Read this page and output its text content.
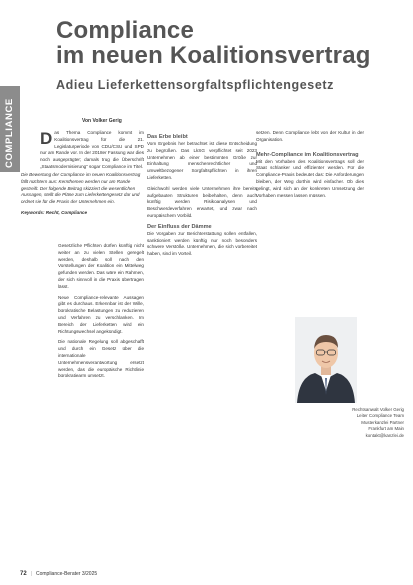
COMPLIANCE
Compliance
im neuen Koalitionsvertrag
Adieu Lieferkettensorgfaltspflichtengesetz
Von Volker Gerig

Das Thema Compliance kommt im Koalitionsvertrag für die 21. Legislaturperiode von CDU/CSU und SPD nur am Rande vor. In der 2018er Fassung war dies noch ausgeprägter; damals trug die Überschrift „Staatsmodernisierung“ sogar Compliance im Titel.

Die Bewertung der Compliance im neuen Koalitionsvertrag fällt nüchtern aus: Kernthemen werden nur am Rande gestreift. Der folgende Beitrag skizziert die wesentlichen Aussagen, stellt die Pläne zum Lieferkettengesetz dar und ordnet sie für die Praxis der Unternehmen ein.

Keywords: Recht, Compliance

Gesetzliche Pflichten dürfen künftig nicht weiter an zu vielen Stellen geregelt werden, deshalb soll nach den Vorstellungen der Koalition ein Mittelweg gefunden werden. Das wäre ein Rahmen, der sich sinnvoll in die Praxis übertragen lässt.

Neue Compliance-relevante Aussagen gibt es durchaus. Erkennbar ist der Wille, bürokratische Belastungen zu reduzieren und Verfahren zu verschlanken. Im Bereich der Lieferketten wird ein Richtungswechsel angekündigt.

Die nationale Regelung soll abgeschafft und durch ein Gesetz über die internationale Unternehmensverantwortung ersetzt werden, das die europäische Richtlinie bürokratiearm umsetzt.

Das Erbe bleibt

Vom Ergebnis her betrachtet ist diese Entscheidung zu begrüßen. Das LkSG verpflichtet seit 2023 Unternehmen ab einer bestimmten Größe zur Einhaltung menschenrechtlicher und umweltbezogener Sorgfaltspflichten in ihren Lieferketten.

Gleichwohl werden viele Unternehmen ihre bereits aufgebauten Strukturen beibehalten, denn auch künftig werden Risikoanalysen und Beschwerdeverfahren erwartet, und zwar nach europäischem Vorbild.

Der Einfluss der Dämme

Die Vorgaben zur Berichterstattung sollen entfallen, sanktioniert werden künftig nur noch besonders schwere Verstöße. Unternehmen, die sich vorbereitet haben, sind im Vorteil.

setzen. Denn Compliance lebt von der Kultur in der Organisation.

Mehr-Compliance im Koalitionsvertrag

Mit den Vorhaben des Koalitionsvertrags soll der Staat schlanker und effizienter werden. Für die Compliance-Praxis bedeutet das: Die Anforderungen bleiben, der Weg dorthin wird einfacher. Ob dies gelingt, wird sich an der konkreten Umsetzung der Vorhaben messen lassen müssen.

Rechtsanwalt Volker Gerig
Leiter Compliance Team
Musterkanzlei Partner
Frankfurt am Main
kontakt@kanzlei.de
72 | Compliance-Berater 3/2025
